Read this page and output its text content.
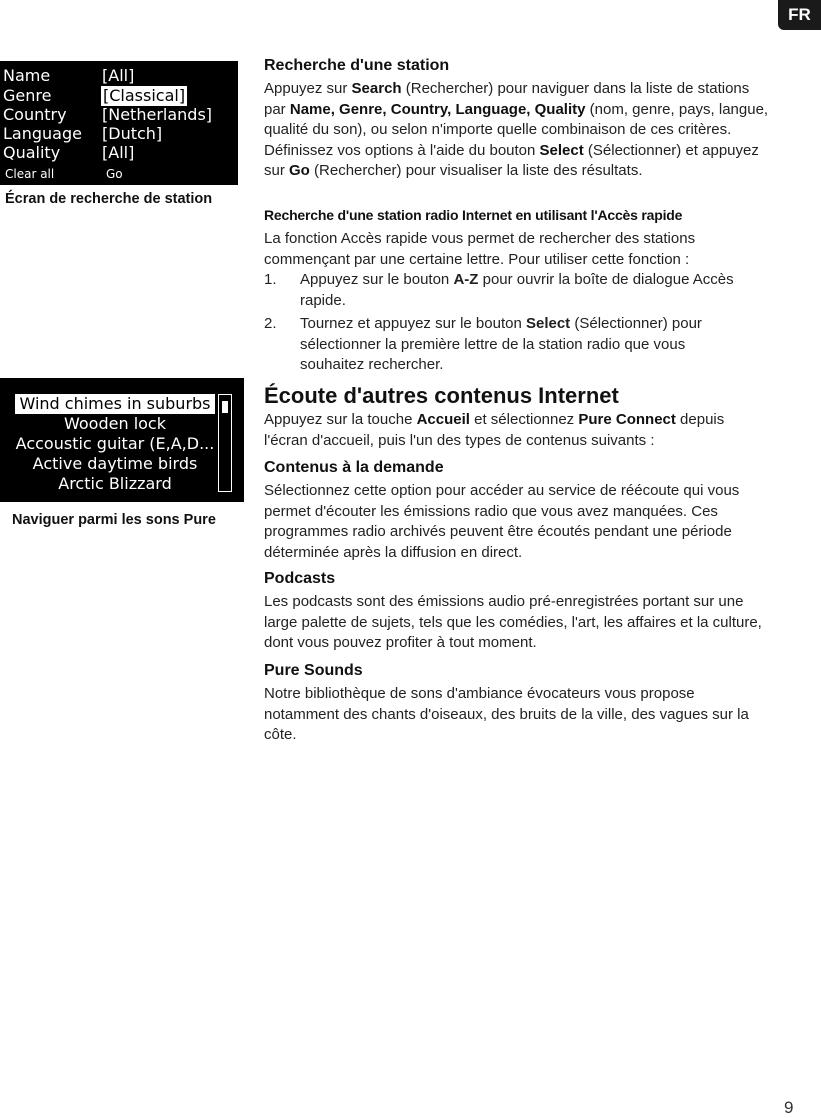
FR
Name	[All]
Genre	[Classical]
Country [Netherlands]
Language [Dutch]
Quality	[All]
Clear all	Go
Écran de recherche de station
Wind chimes in suburbs
Wooden lock
Accoustic guitar (E,A,D...
Active daytime birds
Arctic Blizzard
Naviguer parmi les sons Pure
Recherche d'une station
Appuyez sur Search (Rechercher) pour naviguer dans la liste de stations par Name, Genre, Country, Language, Quality (nom, genre, pays, langue, qualité du son), ou selon n'importe quelle combinaison de ces critères. Définissez vos options à l'aide du bouton Select (Sélectionner) et appuyez sur Go (Rechercher) pour visualiser la liste des résultats.
Recherche d'une station radio Internet en utilisant l'Accès rapide
La fonction Accès rapide vous permet de rechercher des stations commençant par une certaine lettre. Pour utiliser cette fonction :
1. Appuyez sur le bouton A-Z pour ouvrir la boîte de dialogue Accès rapide.
2. Tournez et appuyez sur le bouton Select (Sélectionner) pour sélectionner la première lettre de la station radio que vous souhaitez rechercher.
Écoute d'autres contenus Internet
Appuyez sur la touche Accueil et sélectionnez Pure Connect depuis l'écran d'accueil, puis l'un des types de contenus suivants :
Contenus à la demande
Sélectionnez cette option pour accéder au service de réécoute qui vous permet d'écouter les émissions radio que vous avez manquées. Ces programmes radio archivés peuvent être écoutés pendant une période déterminée après la diffusion en direct.
Podcasts
Les podcasts sont des émissions audio pré-enregistrées portant sur une large palette de sujets, tels que les comédies, l'art, les affaires et la culture, dont vous pouvez profiter à tout moment.
Pure Sounds
Notre bibliothèque de sons d'ambiance évocateurs vous propose notamment des chants d'oiseaux, des bruits de la ville, des vagues sur la côte.
9
